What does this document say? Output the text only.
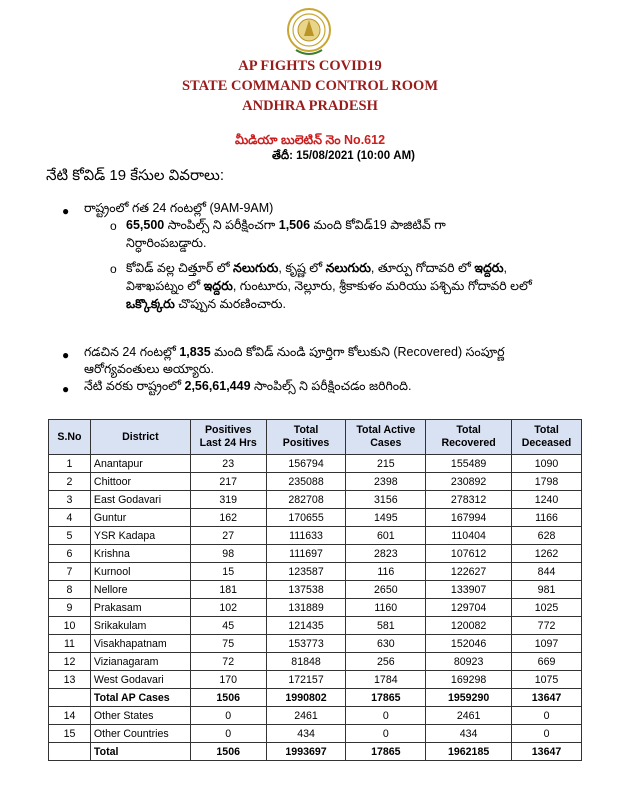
AP FIGHTS COVID19
STATE COMMAND CONTROL ROOM
ANDHRA PRADESH
మీడియా బులెటిన్ నెం No.612
తేదీ: 15/08/2021 (10:00 AM)
నేటి కోవిడ్ 19 కేసుల వివరాలు:
● రాష్ట్రంలో గత 24 గంటల్లో (9AM-9AM)
o 65,500 సాంపిల్స్ ని పరీక్షించగా 1,506 మంది కోవిడ్19 పాజిటివ్ గా
నిర్ధారింపబడ్డారు.
o కోవిడ్ వల్ల చిత్తూర్ లో నలుగురు, కృష్ణ లో నలుగురు, తూర్పు గోదావరి లో ఇద్దరు,
విశాఖపట్నం లో ఇద్దరు, గుంటూరు, నెల్లూరు, శ్రీకాకుళం మరియు పశ్చిమ గోదావరి లలో
ఒక్కొక్కరు చొప్పున మరణించారు.
● గడచిన 24 గంటల్లో 1,835 మంది కోవిడ్ నుండి పూర్తిగా కోలుకుని (Recovered) సంపూర్ణ
ఆరోగ్యవంతులు అయ్యారు.
● నేటి వరకు రాష్ట్రంలో 2,56,61,449 సాంపిల్స్ ని పరీక్షించడం జరిగింది.
S.No	District	Positives Last 24 Hrs	Total Positives	Total Active Cases	Total Recovered	Total Deceased
1	Anantapur	23	156794	215	155489	1090
2	Chittoor	217	235088	2398	230892	1798
3	East Godavari	319	282708	3156	278312	1240
4	Guntur	162	170655	1495	167994	1166
5	YSR Kadapa	27	111633	601	110404	628
6	Krishna	98	111697	2823	107612	1262
7	Kurnool	15	123587	116	122627	844
8	Nellore	181	137538	2650	133907	981
9	Prakasam	102	131889	1160	129704	1025
10	Srikakulam	45	121435	581	120082	772
11	Visakhapatnam	75	153773	630	152046	1097
12	Vizianagaram	72	81848	256	80923	669
13	West Godavari	170	172157	1784	169298	1075
	Total AP Cases	1506	1990802	17865	1959290	13647
14	Other States	0	2461	0	2461	0
15	Other Countries	0	434	0	434	0
	Total	1506	1993697	17865	1962185	13647
